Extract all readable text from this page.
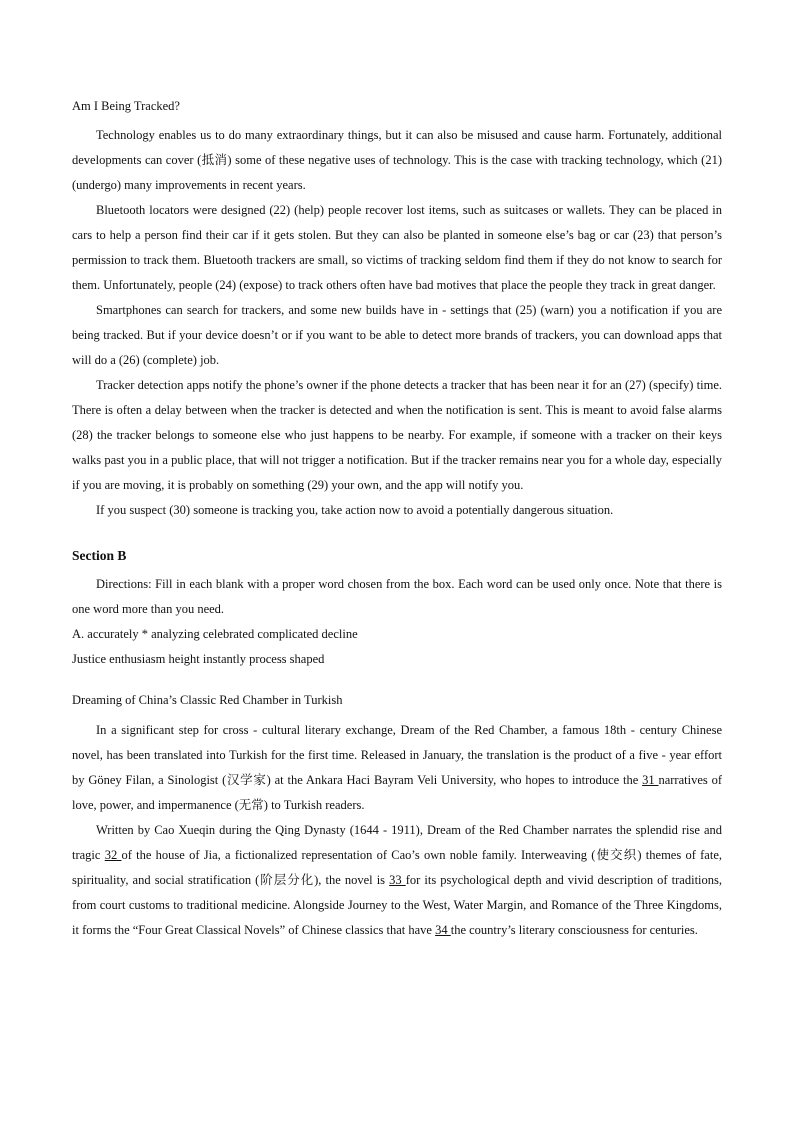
Am I Being Tracked?

Technology enables us to do many extraordinary things, but it can also be misused and cause harm. Fortunately, additional developments can cover (抵消) some of these negative uses of technology. This is the case with tracking technology, which (21) (undergo) many improvements in recent years.

Bluetooth locators were designed (22) (help) people recover lost items, such as suitcases or wallets. They can be placed in cars to help a person find their car if it gets stolen. But they can also be planted in someone else’s bag or car (23) that person’s permission to track them. Bluetooth trackers are small, so victims of tracking seldom find them if they do not know to search for them. Unfortunately, people (24) (expose) to track others often have bad motives that place the people they track in great danger.

Smartphones can search for trackers, and some new builds have in - settings that (25) (warn) you a notification if you are being tracked. But if your device doesn’t or if you want to be able to detect more brands of trackers, you can download apps that will do a (26) (complete) job.

Tracker detection apps notify the phone’s owner if the phone detects a tracker that has been near it for an (27) (specify) time. There is often a delay between when the tracker is detected and when the notification is sent. This is meant to avoid false alarms (28) the tracker belongs to someone else who just happens to be nearby. For example, if someone with a tracker on their keys walks past you in a public place, that will not trigger a notification. But if the tracker remains near you for a whole day, especially if you are moving, it is probably on something (29) your own, and the app will notify you.

If you suspect (30) someone is tracking you, take action now to avoid a potentially dangerous situation.

Section B

Directions: Fill in each blank with a proper word chosen from the box. Each word can be used only once. Note that there is one word more than you need.

A. accurately * analyzing celebrated complicated decline

Justice enthusiasm height instantly process shaped

Dreaming of China’s Classic Red Chamber in Turkish

In a significant step for cross - cultural literary exchange, Dream of the Red Chamber, a famous 18th - century Chinese novel, has been translated into Turkish for the first time. Released in January, the translation is the product of a five - year effort by Göney Filan, a Sinologist (汉学家) at the Ankara Haci Bayram Veli University, who hopes to introduce the 31 narratives of love, power, and impermanence (无常) to Turkish readers.

Written by Cao Xueqin during the Qing Dynasty (1644 - 1911), Dream of the Red Chamber narrates the splendid rise and tragic 32 of the house of Jia, a fictionalized representation of Cao’s own noble family. Interweaving (使交织) themes of fate, spirituality, and social stratification (阶层分化), the novel is 33 for its psychological depth and vivid description of traditions, from court customs to traditional medicine. Alongside Journey to the West, Water Margin, and Romance of the Three Kingdoms, it forms the “Four Great Classical Novels” of Chinese classics that have 34 the country’s literary consciousness for centuries.
